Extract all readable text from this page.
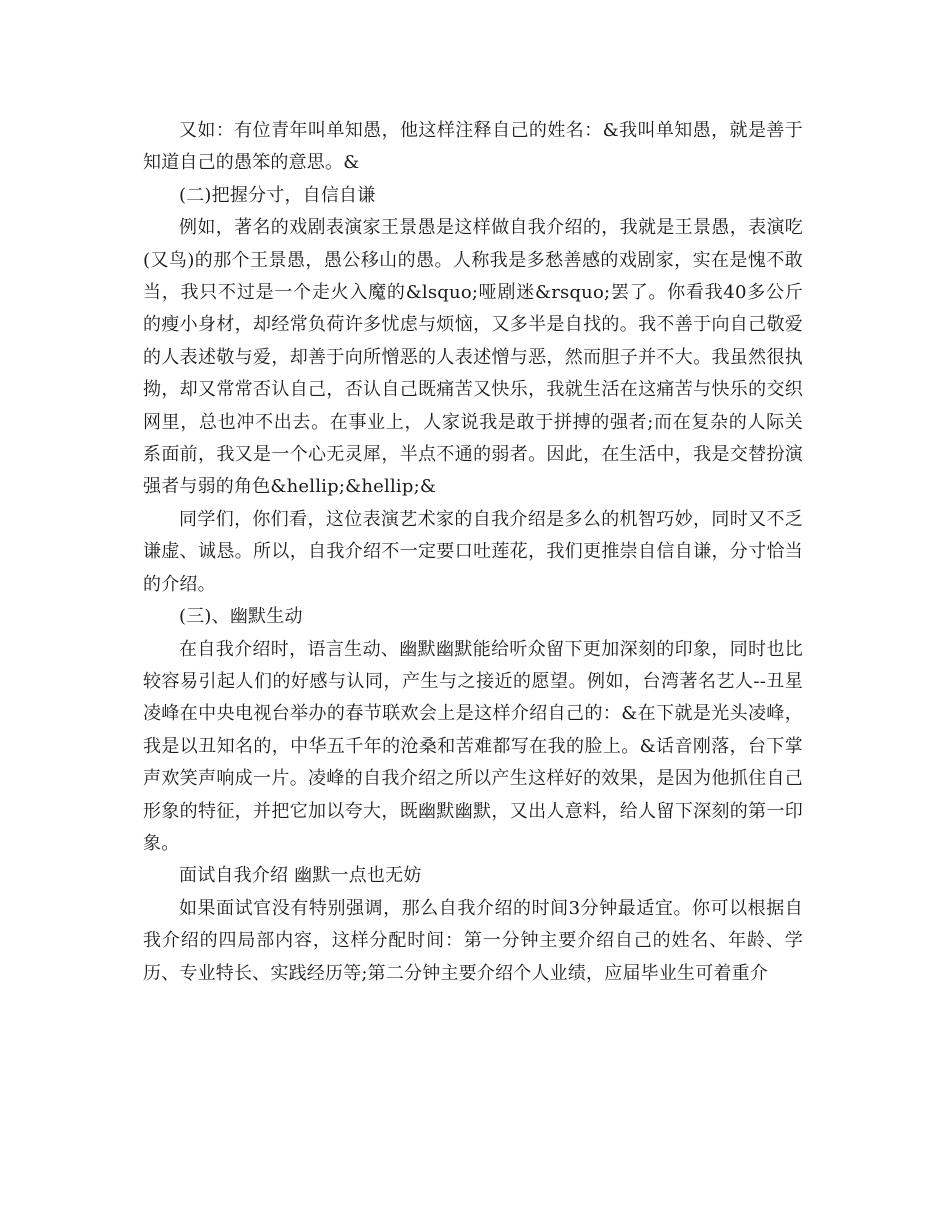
又如：有位青年叫单知愚，他这样注释自己的姓名：&我叫单知愚，就是善于知道自己的愚笨的意思。&

(二)把握分寸，自信自谦

例如，著名的戏剧表演家王景愚是这样做自我介绍的，我就是王景愚，表演吃(又鸟)的那个王景愚，愚公移山的愚。人称我是多愁善感的戏剧家，实在是愧不敢当，我只不过是一个走火入魔的&lsquo;哑剧迷&rsquo;罢了。你看我40多公斤的瘦小身材，却经常负荷许多忧虑与烦恼，又多半是自找的。我不善于向自己敬爱的人表述敬与爱，却善于向所憎恶的人表述憎与恶，然而胆子并不大。我虽然很执拗，却又常常否认自己，否认自己既痛苦又快乐，我就生活在这痛苦与快乐的交织网里，总也冲不出去。在事业上，人家说我是敢于拼搏的强者;而在复杂的人际关系面前，我又是一个心无灵犀，半点不通的弱者。因此，在生活中，我是交替扮演强者与弱的角色&hellip;&hellip;&

同学们，你们看，这位表演艺术家的自我介绍是多么的机智巧妙，同时又不乏谦虚、诚恳。所以，自我介绍不一定要口吐莲花，我们更推崇自信自谦，分寸恰当的介绍。

(三)、幽默生动

在自我介绍时，语言生动、幽默幽默能给听众留下更加深刻的印象，同时也比较容易引起人们的好感与认同，产生与之接近的愿望。例如，台湾著名艺人--丑星凌峰在中央电视台举办的春节联欢会上是这样介绍自己的：&在下就是光头凌峰，我是以丑知名的，中华五千年的沧桑和苦难都写在我的脸上。&话音刚落，台下掌声欢笑声响成一片。凌峰的自我介绍之所以产生这样好的效果，是因为他抓住自己形象的特征，并把它加以夸大，既幽默幽默，又出人意料，给人留下深刻的第一印象。

面试自我介绍 幽默一点也无妨

如果面试官没有特别强调，那么自我介绍的时间3分钟最适宜。你可以根据自我介绍的四局部内容，这样分配时间：第一分钟主要介绍自己的姓名、年龄、学历、专业特长、实践经历等;第二分钟主要介绍个人业绩，应届毕业生可着重介
